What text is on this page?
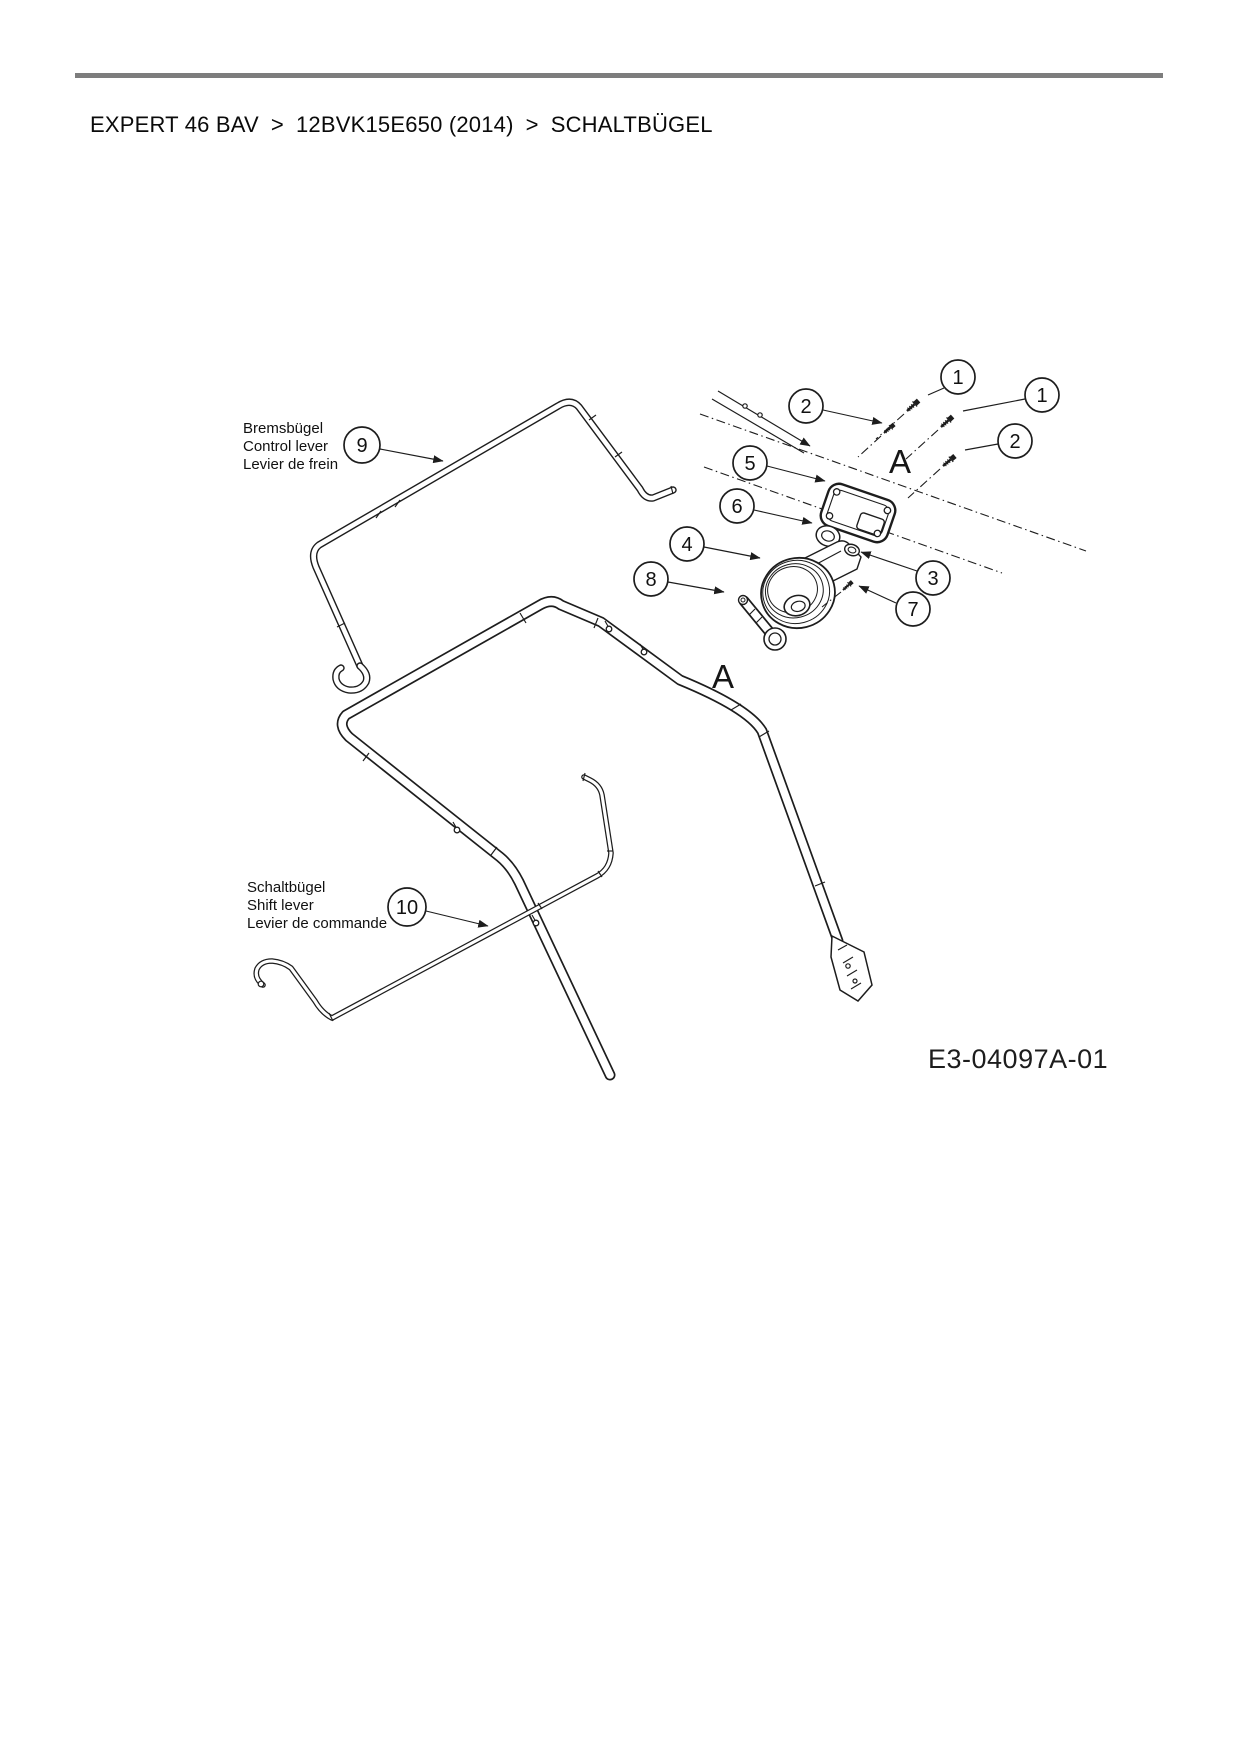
EXPERT 46 BAV > 12BVK15E650 (2014) > SCHALTBÜGEL
Bremsbügel
Control lever
Levier de frein
Schaltbügel
Shift lever
Levier de commande
9
10
1
2	1
2
5
6
4
8	3
7
A
A
E3-04097A-01
